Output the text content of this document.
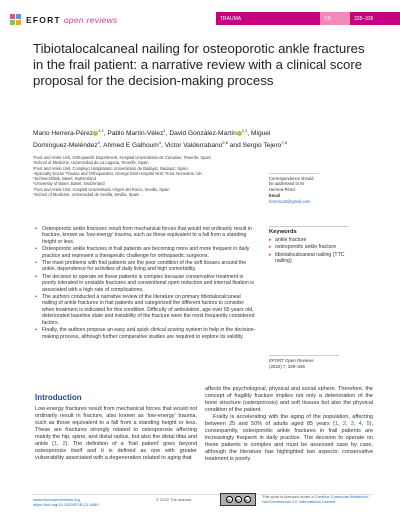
EFORT open reviews	TRAUMA	7:5	328–336
Tibiotalocalcaneal nailing for osteoporotic ankle fractures in the frail patient: a narrative review with a clinical score proposal for the decision-making process
Mario Herrera-Pérez $^{1,2}$, Pablo Martín-Vélez$^1$, David González-Martín $^{1,2}$, Miguel Domínguez-Meléndez$^3$, Ahmed E Galhoum$^4$, Victor Valderrabano$^{5,6}$ and Sergio Tejero$^{7,8}$
¹Foot and Ankle Unit, Orthopaedic Department, Hospital Universitario de Canarias, Tenerife, Spain
²School of Medicine, Universidad de La Laguna, Tenerife, Spain
³Foot and Ankle Unit, Complejo Hospitalario Universitario de Badajoz, Badajoz, Spain
⁴Specialty Doctor Trauma and Orthopaedics, George Eliot Hospital NHS Trust, Nuneaton, UK
⁵Schmerzklinik, Basel, Switzerland
⁶University of Basel, Basel, Switzerland
⁷Foot and Ankle Unit, Hospital Universitario Virgen del Rocío, Sevilla, Spain
⁸School of Medicine, Universidad de Sevilla, Sevilla, Spain
Correspondence should be addressed to M Herrera-Pérez
Email
herrera42@gmail.com
• Osteoporotic ankle fractures result from mechanical forces that would not ordinarily result in fracture, known as ‘low-energy’ trauma, such as those equivalent to a fall from a standing height or less.
• Osteoporotic ankle fractures in frail patients are becoming more and more frequent in daily practice and represent a therapeutic challenge for orthopaedic surgeons.
• The main problems with frail patients are the poor condition of the soft tissues around the ankle, dependence for activities of daily living and high comorbidity.
• The decision to operate on these patients is complex because conservative treatment is poorly tolerated in unstable fractures and conventional open reduction and internal fixation is associated with a high rate of complications.
• The authors conducted a narrative review of the literature on primary tibiotalocalcaneal nailing of ankle fractures in frail patients and categorized the different factors to consider when treatment is indicated for this condition. Difficulty of ambulation, age over 65 years old, deteriorated baseline state and instability of the fracture were the most frequently considered factors.
• Finally, the authors propose an easy and quick clinical scoring system to help in the decision-making process, although further comparative studies are required to explore its validity.
Keywords
▸ ankle fracture
▸ osteoporotic ankle fracture
▸ tibiotalocalcaneal nailing (TTC nailing)
EFORT Open Reviews
(2022) 7, 328–336
Introduction
Low-energy fractures result from mechanical forces that would not ordinarily result in fracture, also known as ‘low-energy’ trauma, such as those equivalent to a fall from a standing height or less. These are fractures strongly related to osteoporosis affecting mainly the hip, spine, and distal radius, but also the distal tibia and ankle (1, 2). The definition of a ‘frail patient’ goes beyond osteoporosis itself and it is defined as one with greater vulnerability associated with a degeneration related to aging that

affects the psychological, physical and social sphere. Therefore, the concept of fragility fracture implies not only a deterioration of the bone structure (osteoporosis) and soft tissues but also the physical condition of the patient.

Frailty is accelerating with the aging of the population, affecting between 25 and 50% of adults aged 85 years (1, 2, 3, 4, 5), consequently, osteoporotic ankle fractures in frail patients are increasingly frequent in daily practice. The decision to operate on these patients is complex and must be assessed case by case, although the literature has highlighted two aspects: conservative treatment is poorly

www.efortopenreviews.org
https://doi.org/10.1530/EOR-21-0080
© 2022 The authors	cc	by	nc
This work is licensed under a Creative Commons Attribution-NonCommercial 4.0 International License.
